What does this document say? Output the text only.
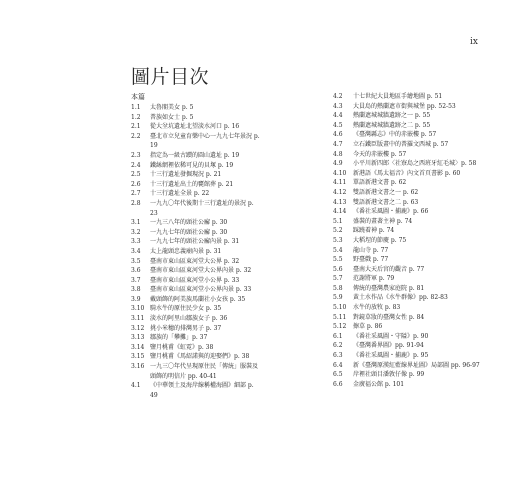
ix
圖片目次
本篇
1.1	太魯閣美女 p. 5
1.2	普族如女士 p. 5
2.1	從大坌坑遺址北望淡水河口 p. 16
2.2	臺北市立兒童育樂中心一九九七年景況 p. 19
2.3	指定為一級古蹟的圓山遺址 p. 19
2.4	鐵絲網裡依稀可見的貝塚 p. 19
2.5	十三行遺址發掘現況 p. 21
2.6	十三行遺址出土的甕館葬 p. 21
2.7	十三行遺址全景 p. 22
2.8	一九九〇年代後期十三行遺址的景況 p. 23
3.1	一九三八年的頭社公廨 p. 30
3.2	一九九七年的頭社公廨 p. 30
3.3	一九九七年的頭社公廨內景 p. 31
3.4	太上龍頭忠義廟內景 p. 31
3.5	臺南市東山區東河堂大公界 p. 32
3.6	臺南市東山區東河堂大公界內景 p. 32
3.7	臺南市東山區東河堂小公界 p. 33
3.8	臺南市東山區東河堂小公界內景 p. 33
3.9	戴頭飾的阿美族馬蘭社小女孩 p. 35
3.10 騎水牛的原住民少女 p. 35
3.11 淡水的阿里山鄒族女子 p. 36
3.12 挑小米穗的排灣男子 p. 37
3.13 鄒族的「攀攤」p. 37
3.14 鹽月桃甫《虹霓》p. 38
3.15 鹽月桃甫《馬紹諾與的迎娶們》p. 38
3.16 一九三〇年代呈現原住民「傳統」服裝及頭飾的明信片 pp. 40-41
4.1	《中華領土及海岸線稱權海圖》細部 p. 49
4.2	十七世紀大員地區手繪地圖 p. 51
4.3	大員島的熱蘭遮市街與城堡 pp. 52-53
4.4	熱蘭遮城城牆遺跡之一 p. 55
4.5	熱蘭遮城城牆遺跡之二 p. 55
4.6	《臺灣縣志》中的赤嵌樓 p. 57
4.7	立石鐵臣版畫中的普羅文西城 p. 57
4.8	今天的赤嵌樓 p. 57
4.9	小平川新四郎〈社寮島之西班牙紅毛城〉p. 58
4.10	新港語《馬太福音》內文首頁書影 p. 60
4.11	單語新港文書 p. 62
4.12	雙語新港文書之一 p. 62
4.13	雙語新港文書之二 p. 63
4.14	《番社采風圖・捕鹿》p. 66
5.1	盛裝的畫著主神 p. 74
5.2	踩蹺着神 p. 74
5.3	大稻埕的節慶 p. 75
5.4	龍山寺 p. 77
5.5	野臺戲 p. 77
5.6	臺南大天后宮的觀音 p. 77
5.7	范謝將軍 p. 79
5.8	傳統的臺灣農家庭院 p. 81
5.9	黃土水作品《水牛群像》pp. 82-83
5.10	水牛的放牧 p. 83
5.11	對鏡草妝的臺灣女性 p. 84
5.12	擦草 p. 86
6.1	《番社采風圖・守隘》p. 90
6.2	《臺灣番界圖》pp. 91-94
6.3	《番社采風圖・捕鹿》p. 95
6.4	新《臺灣原漢紅藍線界址圖》局部圖 pp. 96-97
6.5	岸裡社頭目潘敦仔像 p. 99
6.6	金廣福公館 p. 101
